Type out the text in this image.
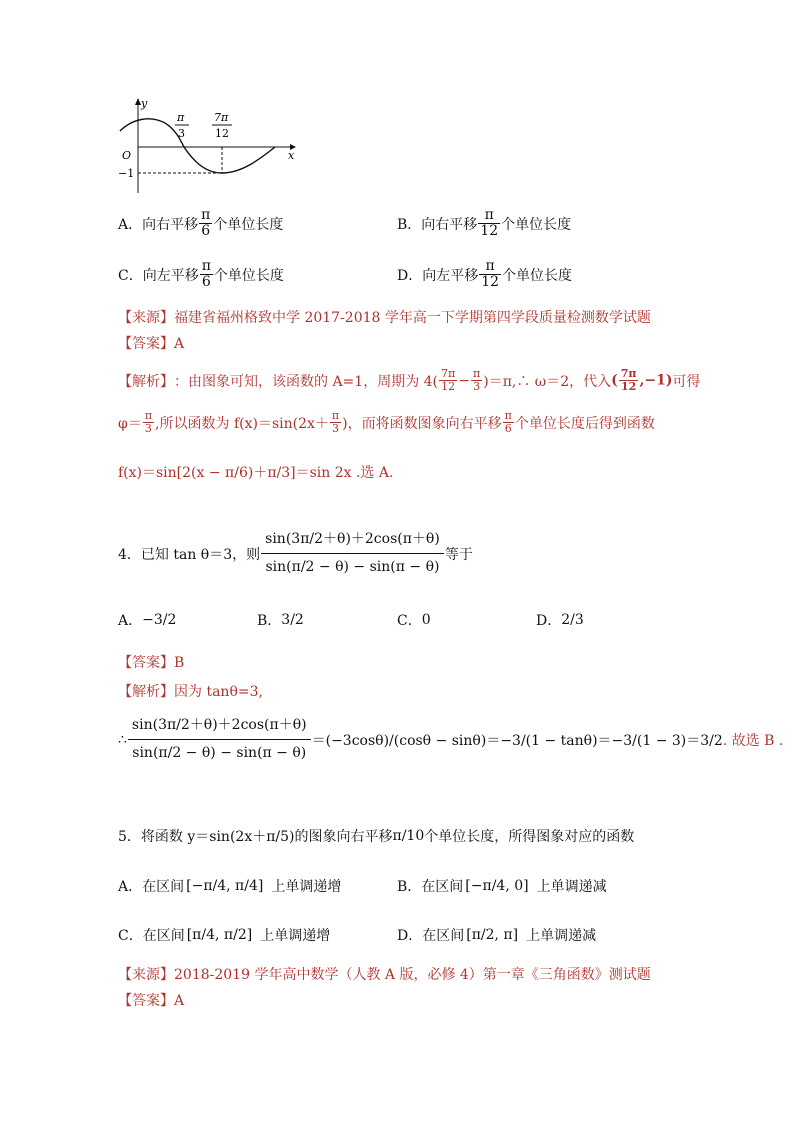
y
x
O
−1
π
3
7π
12
A．向右平移 $\frac{\pi}{6}$ 个单位长度	B．向右平移 $\frac{\pi}{12}$ 个单位长度
C．向左平移 $\frac{\pi}{6}$ 个单位长度	D．向左平移 $\frac{\pi}{12}$ 个单位长度
【来源】福建省福州格致中学 2017-2018 学年高一下学期第四学段质量检测数学试题
【答案】A
【解析】 ：由图象可知，该函数的 A=1，周期为 $4( \frac{7\pi}{12} - \frac{\pi}{3}$ )＝π,∴ ω＝2，代入 ( $\frac{7\pi}{12} ,-1$) 可得
$\varphi= \frac{\pi}{3}$ ,所以函数为 $f(x)=\sin(2x+ \frac{\pi}{3}$ )，而将函数图象向右平移 $\frac{\pi}{6}$ 个单位长度后得到函数
f(x)＝sin[2(x − π/6)＋π/3]＝sin 2x .选 A.
4．已知 tan θ＝3，则 $\frac{\sin(3\pi/2+\theta)+2\cos(\pi+\theta)}{\sin(\pi/2 - \theta) - \sin(\pi - \theta)}$ 等于
A． −3/2	B． 3/2	C． 0	D． 2/3
【答案】B
【解析】因为 tanθ=3,
∴ $\frac{\sin(3\pi/2+\theta)+2\cos(\pi+\theta)}{\sin(\pi/2 - \theta) - \sin(\pi - \theta)} =(-3\cos\theta)/(\cos\theta - \sin\theta)=-3/(1 - \tan\theta)=-3/(1 - 3)=3/2$ . 故选 B .
5．将函数 y＝sin(2x＋π/5) 的图象向右平移 π/10 个单位长度，所得图象对应的函数
A．在区间 [−π/4, π/4] 上单调递增	B．在区间 [−π/4, 0] 上单调递减
C．在区间 [π/4, π/2] 上单调递增	D．在区间 [π/2, π] 上单调递减
【来源】2018-2019 学年高中数学（人教 A 版，必修 4）第一章《三角函数》测试题
【答案】A
